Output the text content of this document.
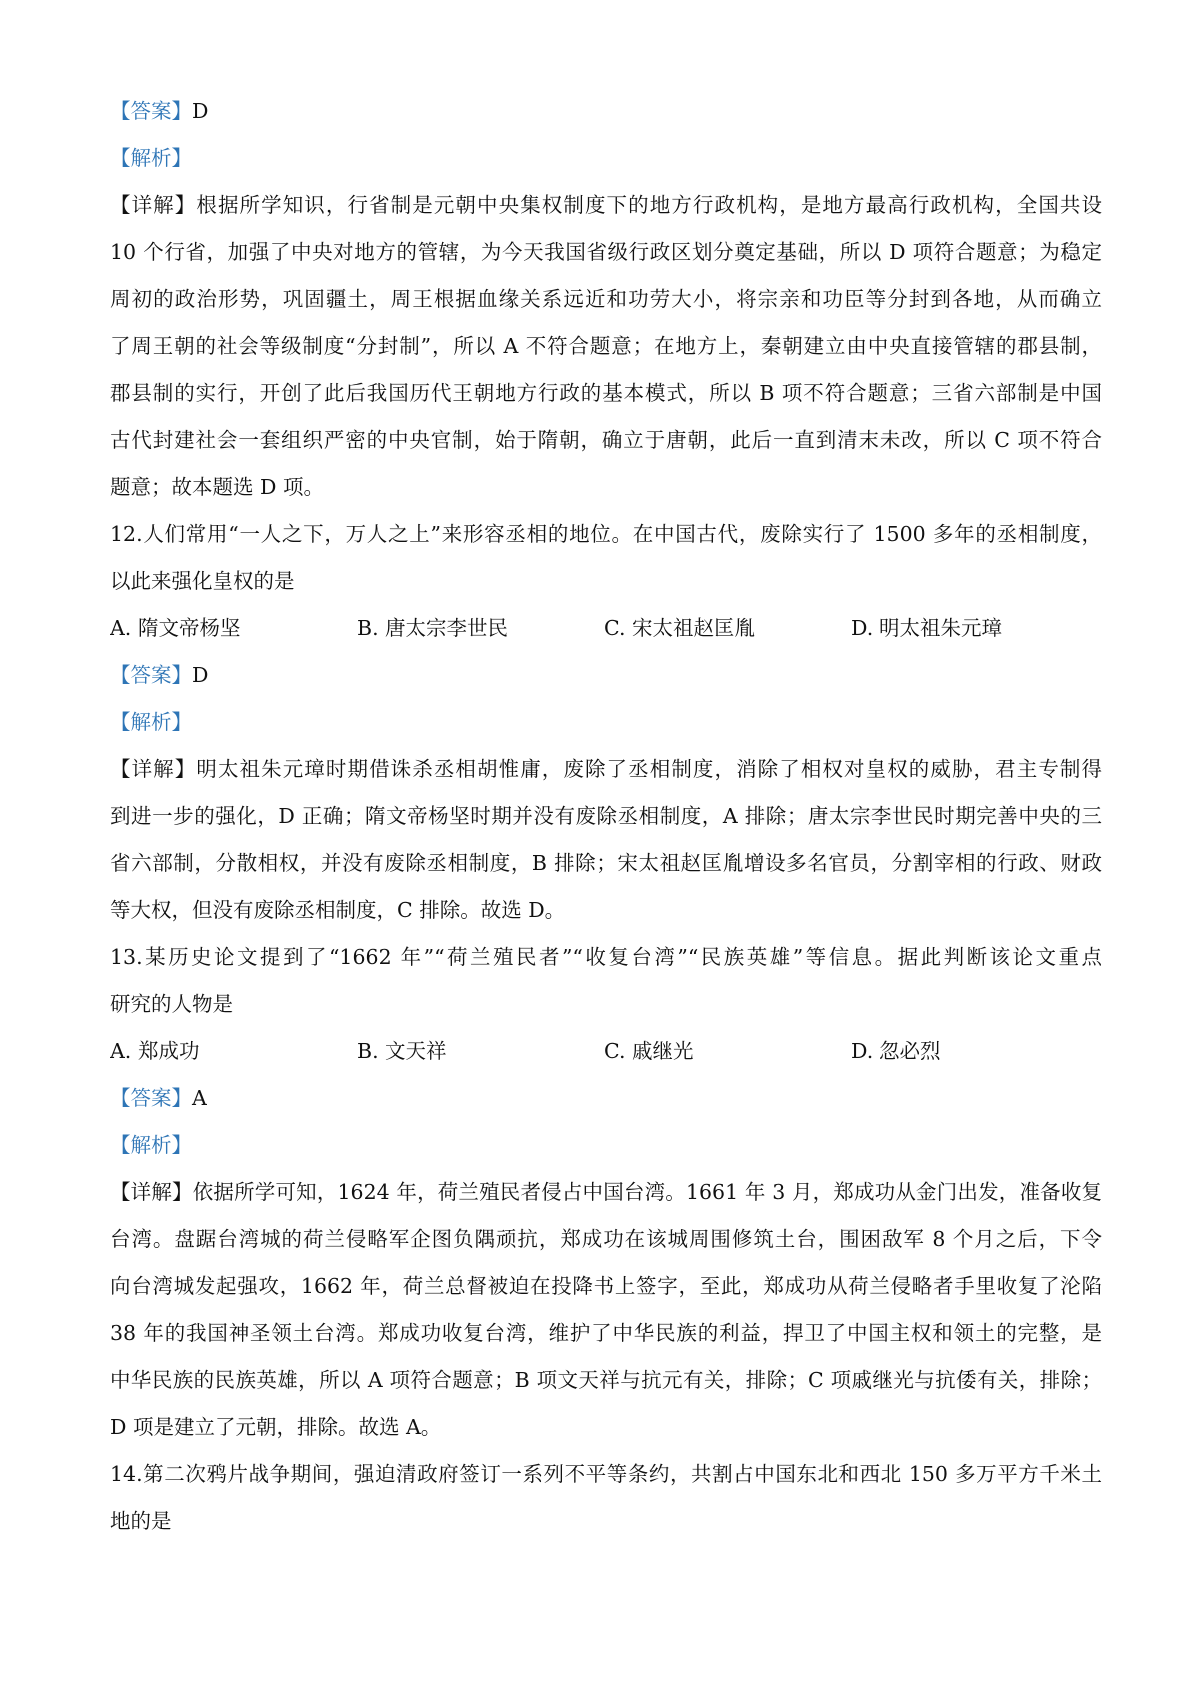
【答案】D
【解析】
【详解】根据所学知识，行省制是元朝中央集权制度下的地方行政机构，是地方最高行政机构，全国共设
10 个行省，加强了中央对地方的管辖，为今天我国省级行政区划分奠定基础，所以 D 项符合题意；为稳定
周初的政治形势，巩固疆土，周王根据血缘关系远近和功劳大小，将宗亲和功臣等分封到各地，从而确立
了周王朝的社会等级制度“分封制”，所以 A 不符合题意；在地方上，秦朝建立由中央直接管辖的郡县制，
郡县制的实行，开创了此后我国历代王朝地方行政的基本模式，所以 B 项不符合题意；三省六部制是中国
古代封建社会一套组织严密的中央官制，始于隋朝，确立于唐朝，此后一直到清末未改，所以 C 项不符合
题意；故本题选 D 项。
12.人们常用“一人之下，万人之上”来形容丞相的地位。在中国古代，废除实行了 1500 多年的丞相制度，
以此来强化皇权的是
A. 隋文帝杨坚	B. 唐太宗李世民	C. 宋太祖赵匡胤	D. 明太祖朱元璋
【答案】D
【解析】
【详解】明太祖朱元璋时期借诛杀丞相胡惟庸，废除了丞相制度，消除了相权对皇权的威胁，君主专制得
到进一步的强化，D 正确；隋文帝杨坚时期并没有废除丞相制度，A 排除；唐太宗李世民时期完善中央的三
省六部制，分散相权，并没有废除丞相制度，B 排除；宋太祖赵匡胤增设多名官员，分割宰相的行政、财政
等大权，但没有废除丞相制度，C 排除。故选 D。
13.某历史论文提到了“1662 年”“荷兰殖民者”“收复台湾”“民族英雄”等信息。据此判断该论文重点
研究的人物是
A. 郑成功	B. 文天祥	C. 戚继光	D. 忽必烈
【答案】A
【解析】
【详解】依据所学可知，1624 年，荷兰殖民者侵占中国台湾。1661 年 3 月，郑成功从金门出发，准备收复
台湾。盘踞台湾城的荷兰侵略军企图负隅顽抗，郑成功在该城周围修筑土台，围困敌军 8 个月之后，下令
向台湾城发起强攻，1662 年，荷兰总督被迫在投降书上签字，至此，郑成功从荷兰侵略者手里收复了沦陷
38 年的我国神圣领土台湾。郑成功收复台湾，维护了中华民族的利益，捍卫了中国主权和领土的完整，是
中华民族的民族英雄，所以 A 项符合题意；B 项文天祥与抗元有关，排除；C 项戚继光与抗倭有关，排除；
D 项是建立了元朝，排除。故选 A。
14.第二次鸦片战争期间，强迫清政府签订一系列不平等条约，共割占中国东北和西北 150 多万平方千米土
地的是
